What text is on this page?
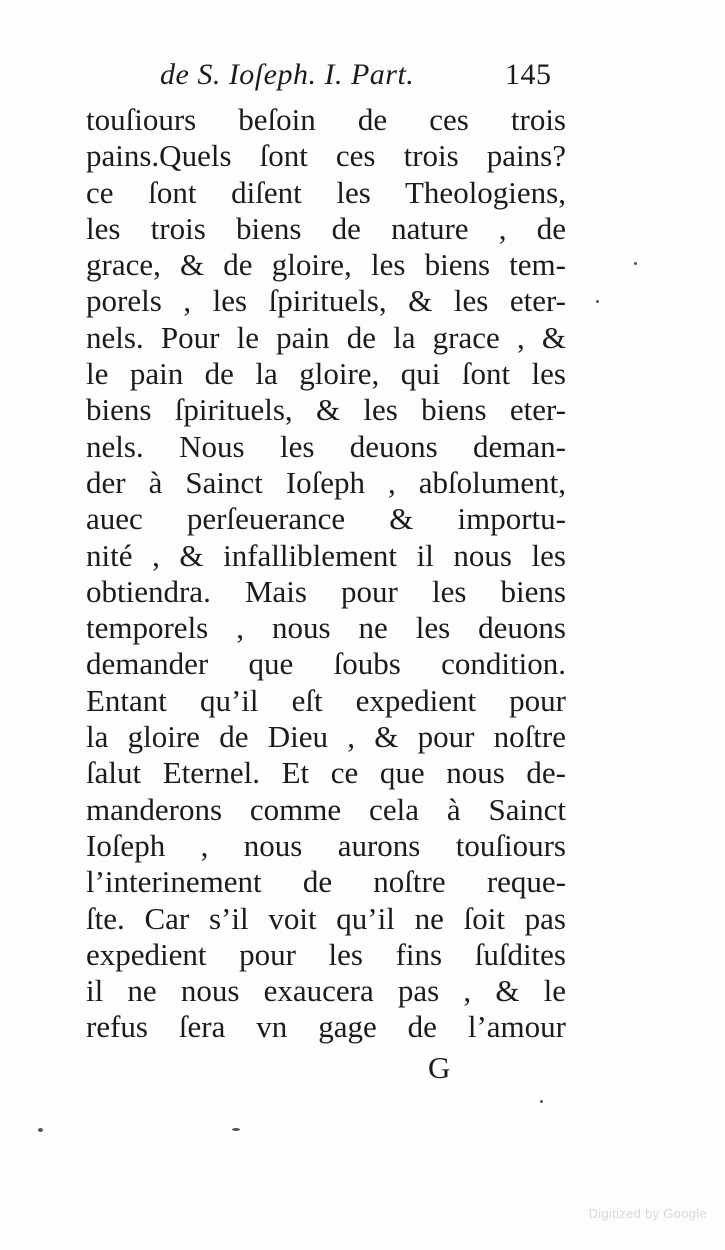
de S. Ioſeph. I. Part.	145
touſiours beſoin de ces trois
pains.Quels ſont ces trois pains?
ce ſont diſent les Theologiens,
les trois biens de nature , de
grace, & de gloire, les biens tem-
porels , les ſpirituels, & les eter-
nels. Pour le pain de la grace , &
le pain de la gloire, qui ſont les
biens ſpirituels, & les biens eter-
nels. Nous les deuons deman-
der à Sainct Ioſeph , abſolument,
auec perſeuerance & importu-
nité , & infalliblement il nous les
obtiendra. Mais pour les biens
temporels , nous ne les deuons
demander que ſoubs condition.
Entant qu’il eſt expedient pour
la gloire de Dieu , & pour noſtre
ſalut Eternel. Et ce que nous de-
manderons comme cela à Sainct
Ioſeph , nous aurons touſiours
l’interinement de noſtre reque-
ſte. Car s’il voit qu’il ne ſoit pas
expedient pour les fins ſuſdites
il ne nous exaucera pas , & le
refus ſera vn gage de l’amour
G
Digitized by Google
